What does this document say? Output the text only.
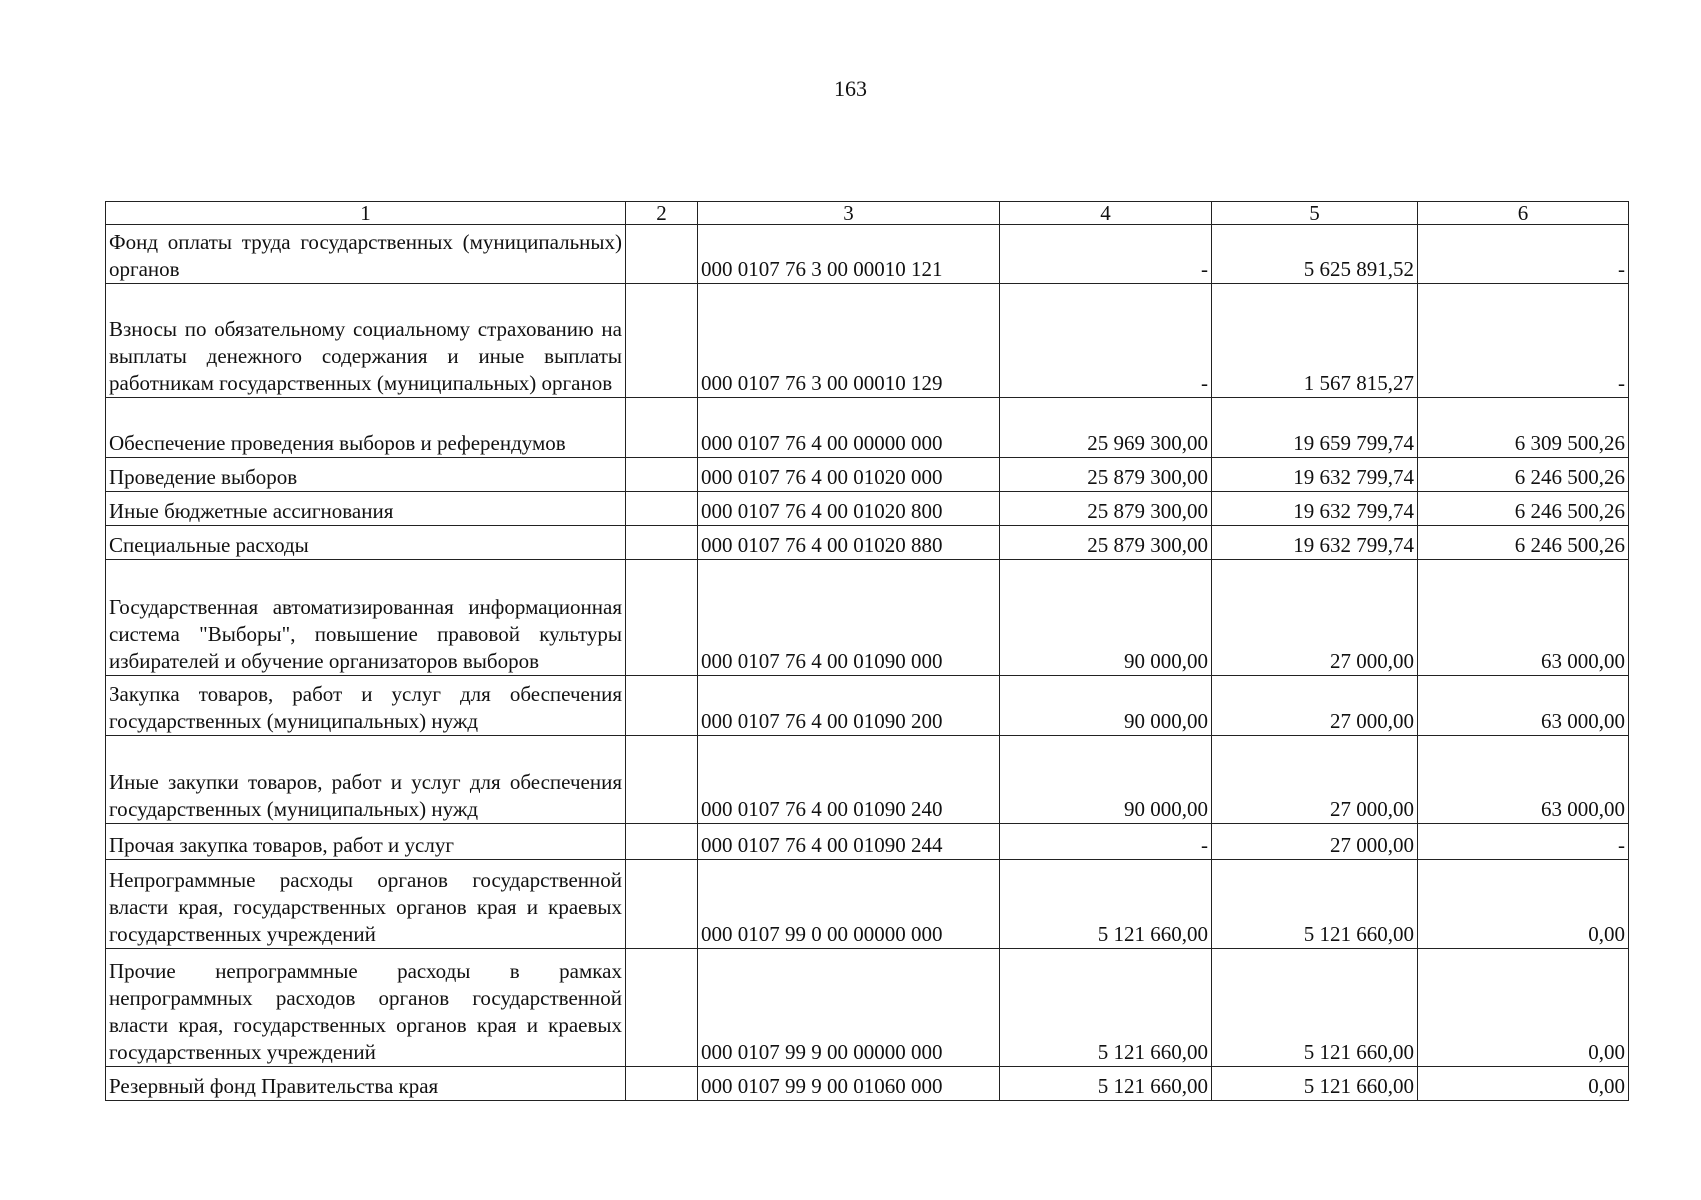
163
1	2	3	4	5	6
Фонд оплаты труда государственных (муниципальных) органов		000 0107 76 3 00 00010 121	-	5 625 891,52	-
Взносы по обязательному социальному страхованию на выплаты денежного содержания и иные выплаты работникам государственных (муниципальных) органов		000 0107 76 3 00 00010 129	-	1 567 815,27	-
Обеспечение проведения выборов и референдумов		000 0107 76 4 00 00000 000	25 969 300,00	19 659 799,74	6 309 500,26
Проведение выборов		000 0107 76 4 00 01020 000	25 879 300,00	19 632 799,74	6 246 500,26
Иные бюджетные ассигнования		000 0107 76 4 00 01020 800	25 879 300,00	19 632 799,74	6 246 500,26
Специальные расходы		000 0107 76 4 00 01020 880	25 879 300,00	19 632 799,74	6 246 500,26
Государственная автоматизированная информационная система "Выборы", повышение правовой культуры избирателей и обучение организаторов выборов		000 0107 76 4 00 01090 000	90 000,00	27 000,00	63 000,00
Закупка товаров, работ и услуг для обеспечения государственных (муниципальных) нужд		000 0107 76 4 00 01090 200	90 000,00	27 000,00	63 000,00
Иные закупки товаров, работ и услуг для обеспечения государственных (муниципальных) нужд		000 0107 76 4 00 01090 240	90 000,00	27 000,00	63 000,00
Прочая закупка товаров, работ и услуг		000 0107 76 4 00 01090 244	-	27 000,00	-
Непрограммные расходы органов государственной власти края, государственных органов края и краевых государственных учреждений		000 0107 99 0 00 00000 000	5 121 660,00	5 121 660,00	0,00
Прочие непрограммные расходы в рамках непрограммных расходов органов государственной власти края, государственных органов края и краевых государственных учреждений		000 0107 99 9 00 00000 000	5 121 660,00	5 121 660,00	0,00
Резервный фонд Правительства края		000 0107 99 9 00 01060 000	5 121 660,00	5 121 660,00	0,00
